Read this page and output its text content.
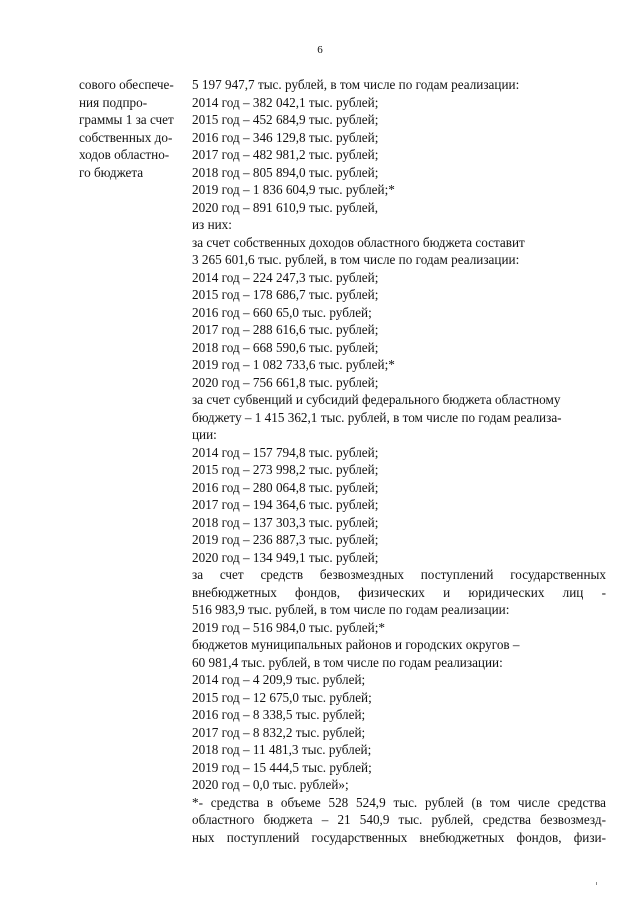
6
сового обеспече-
ния подпро-
граммы 1 за счет
собственных до-
ходов областно-
го бюджета
5 197 947,7 тыс. рублей, в том числе по годам реализации:
2014 год – 382 042,1 тыс. рублей;
2015 год – 452 684,9 тыс. рублей;
2016 год – 346 129,8 тыс. рублей;
2017 год – 482 981,2 тыс. рублей;
2018 год – 805 894,0 тыс. рублей;
2019 год – 1 836 604,9 тыс. рублей;*
2020 год – 891 610,9 тыс. рублей,
из них:
за счет собственных доходов областного бюджета составит
3 265 601,6 тыс. рублей, в том числе по годам реализации:
2014 год – 224 247,3 тыс. рублей;
2015 год – 178 686,7 тыс. рублей;
2016 год – 660 65,0 тыс. рублей;
2017 год – 288 616,6 тыс. рублей;
2018 год – 668 590,6 тыс. рублей;
2019 год – 1 082 733,6 тыс. рублей;*
2020 год – 756 661,8 тыс. рублей;
за счет субвенций и субсидий федерального бюджета областному
бюджету – 1 415 362,1 тыс. рублей, в том числе по годам реализа-
ции:
2014 год – 157 794,8 тыс. рублей;
2015 год – 273 998,2 тыс. рублей;
2016 год – 280 064,8 тыс. рублей;
2017 год – 194 364,6 тыс. рублей;
2018 год – 137 303,3 тыс. рублей;
2019 год – 236 887,3 тыс. рублей;
2020 год – 134 949,1 тыс. рублей;
за счет средств безвозмездных поступлений государственных
внебюджетных фондов, физических и юридических лиц -
516 983,9 тыс. рублей, в том числе по годам реализации:
2019 год – 516 984,0 тыс. рублей;*
бюджетов муниципальных районов и городских округов –
60 981,4 тыс. рублей, в том числе по годам реализации:
2014 год – 4 209,9 тыс. рублей;
2015 год – 12 675,0 тыс. рублей;
2016 год – 8 338,5 тыс. рублей;
2017 год – 8 832,2 тыс. рублей;
2018 год – 11 481,3 тыс. рублей;
2019 год – 15 444,5 тыс. рублей;
2020 год – 0,0 тыс. рублей»;
*- средства в объеме 528 524,9 тыс. рублей (в том числе средства
областного бюджета – 21 540,9 тыс. рублей, средства безвозмезд-
ных поступлений государственных внебюджетных фондов, физи-
